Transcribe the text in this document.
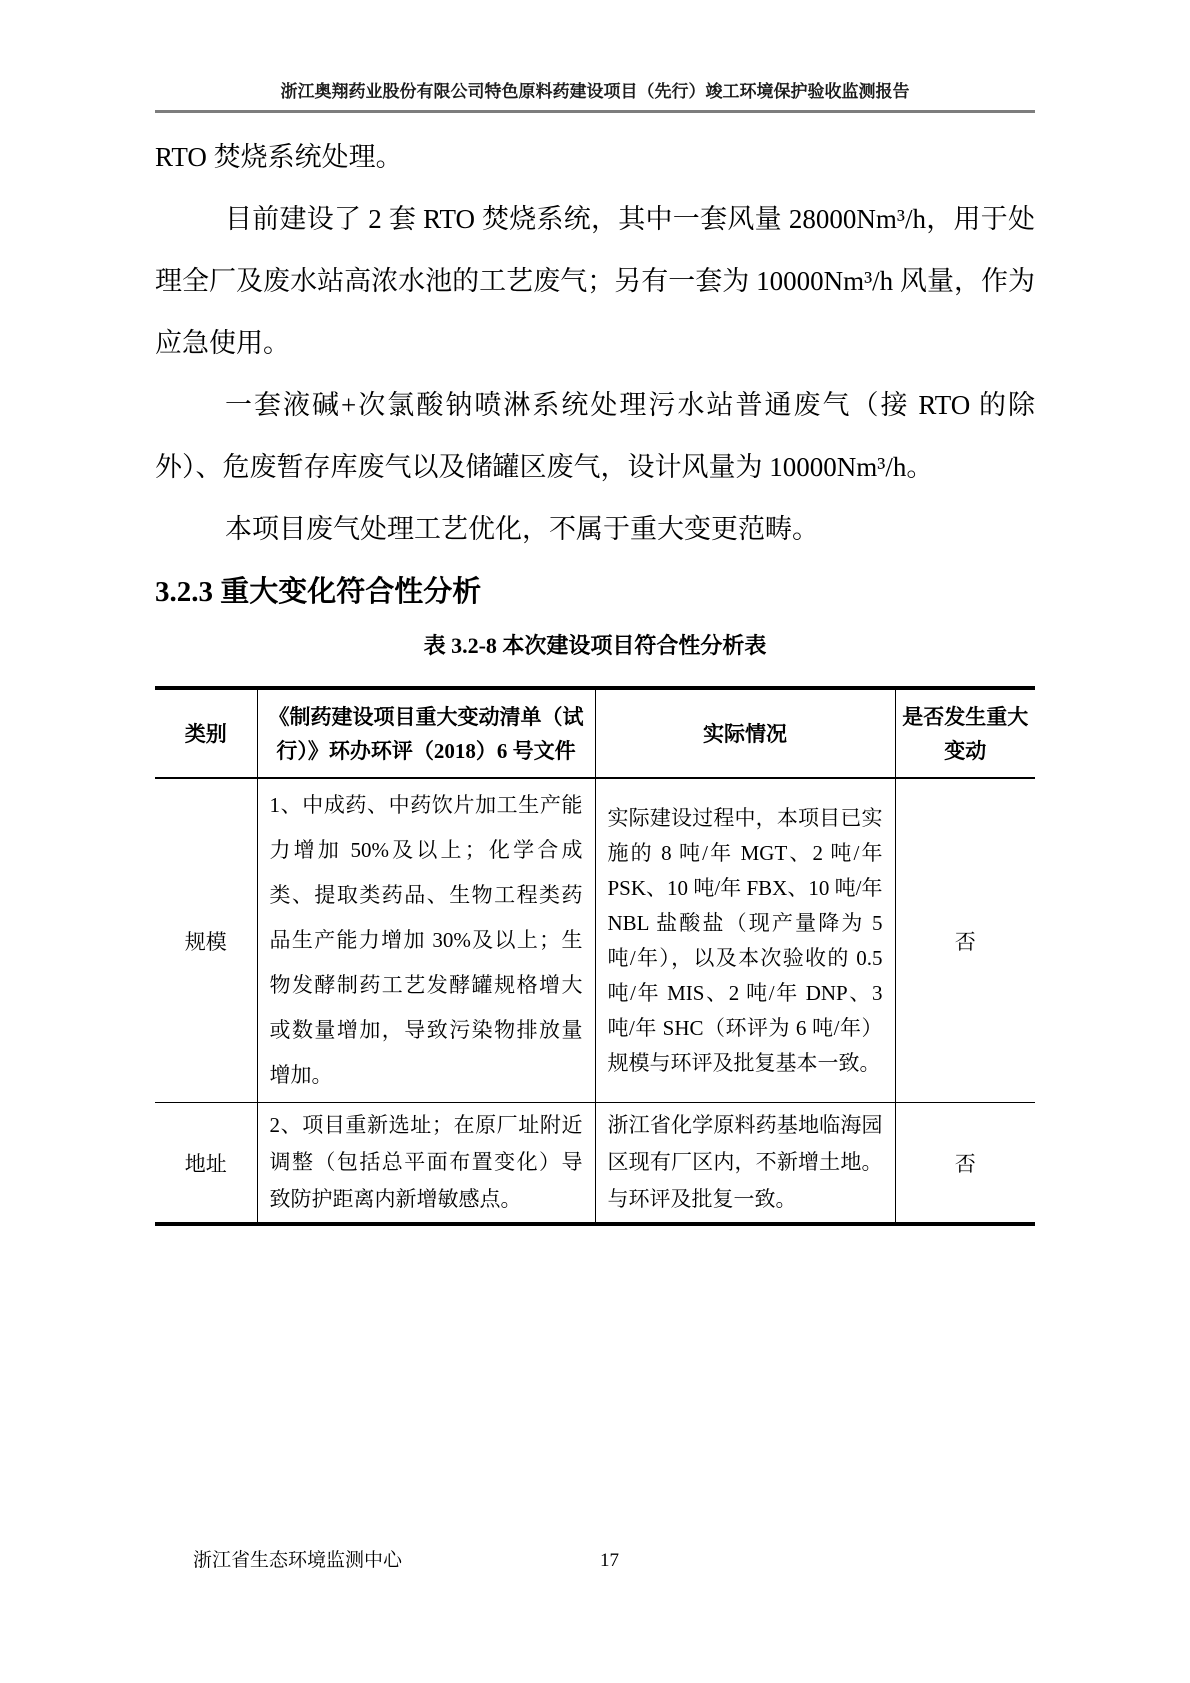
浙江奥翔药业股份有限公司特色原料药建设项目（先行）竣工环境保护验收监测报告

RTO 焚烧系统处理。

目前建设了 2 套 RTO 焚烧系统，其中一套风量 28000Nm³/h，用于处理全厂及废水站高浓水池的工艺废气；另有一套为 10000Nm³/h 风量，作为应急使用。

一套液碱+次氯酸钠喷淋系统处理污水站普通废气（接 RTO 的除外）、危废暂存库废气以及储罐区废气，设计风量为 10000Nm³/h。

本项目废气处理工艺优化，不属于重大变更范畴。

3.2.3 重大变化符合性分析

表 3.2-8 本次建设项目符合性分析表

类别	《制药建设项目重大变动清单（试行）》环办环评（2018）6 号文件	实际情况	是否发生重大变动
规模	1、中成药、中药饮片加工生产能力增加 50%及以上；化学合成类、提取类药品、生物工程类药品生产能力增加 30%及以上；生物发酵制药工艺发酵罐规格增大或数量增加，导致污染物排放量增加。	实际建设过程中，本项目已实施的 8 吨/年 MGT、2 吨/年 PSK、10 吨/年 FBX、10 吨/年 NBL 盐酸盐（现产量降为 5 吨/年），以及本次验收的 0.5 吨/年 MIS、2 吨/年 DNP、3 吨/年 SHC（环评为 6 吨/年）规模与环评及批复基本一致。	否
地址	2、项目重新选址；在原厂址附近调整（包括总平面布置变化）导致防护距离内新增敏感点。	浙江省化学原料药基地临海园区现有厂区内，不新增土地。与环评及批复一致。	否
浙江省生态环境监测中心	17
